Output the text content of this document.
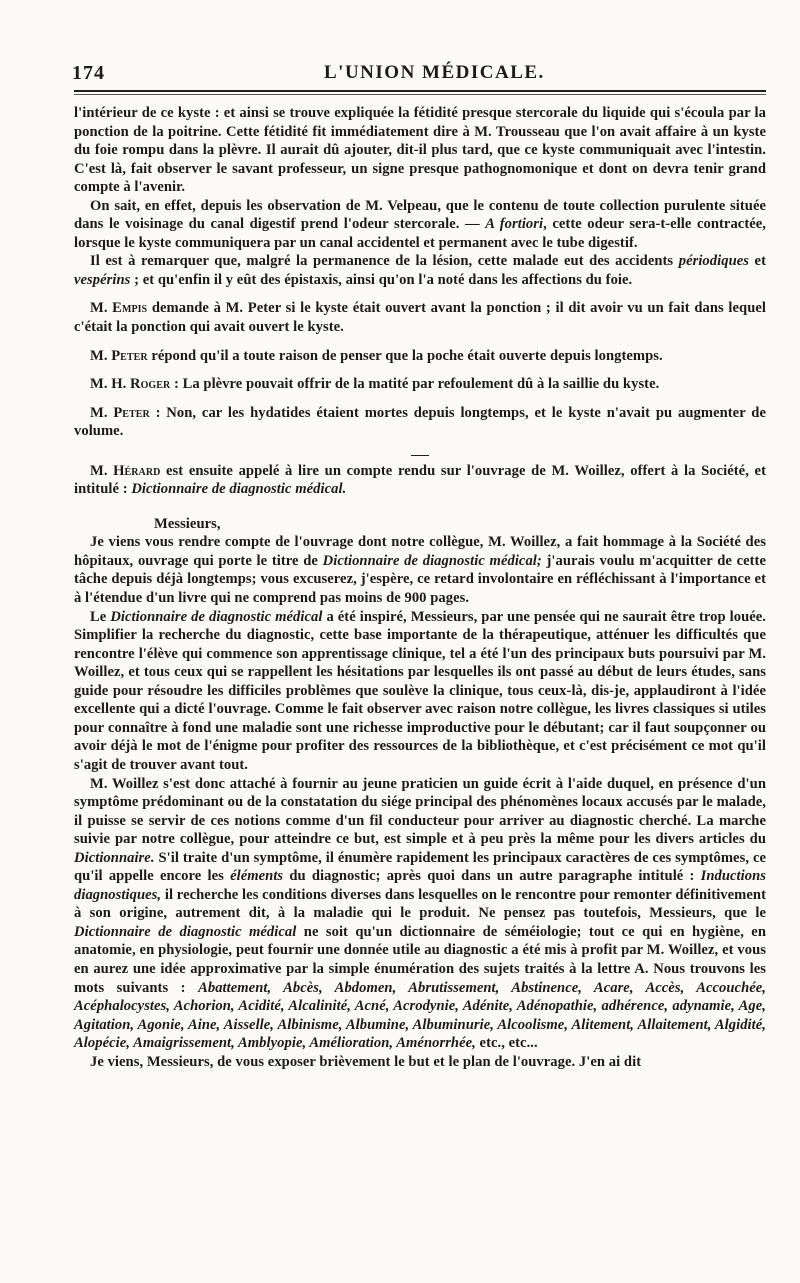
174	L'UNION MÉDICALE.

l'intérieur de ce kyste : et ainsi se trouve expliquée la fétidité presque stercorale du liquide qui s'écoula par la ponction de la poitrine. Cette fétidité fit immédiatement dire à M. Trousseau que l'on avait affaire à un kyste du foie rompu dans la plèvre. Il aurait dû ajouter, dit-il plus tard, que ce kyste communiquait avec l'intestin. C'est là, fait observer le savant professeur, un signe presque pathognomonique et dont on devra tenir grand compte à l'avenir.

On sait, en effet, depuis les observation de M. Velpeau, que le contenu de toute collection purulente située dans le voisinage du canal digestif prend l'odeur stercorale. — A fortiori, cette odeur sera-t-elle contractée, lorsque le kyste communiquera par un canal accidentel et permanent avec le tube digestif.

Il est à remarquer que, malgré la permanence de la lésion, cette malade eut des accidents périodiques et vespérins ; et qu'enfin il y eût des épistaxis, ainsi qu'on l'a noté dans les affections du foie.

M. Empis demande à M. Peter si le kyste était ouvert avant la ponction ; il dit avoir vu un fait dans lequel c'était la ponction qui avait ouvert le kyste.

M. Peter répond qu'il a toute raison de penser que la poche était ouverte depuis longtemps.

M. H. Roger : La plèvre pouvait offrir de la matité par refoulement dû à la saillie du kyste.

M. Peter : Non, car les hydatides étaient mortes depuis longtemps, et le kyste n'avait pu augmenter de volume.

M. Hérard est ensuite appelé à lire un compte rendu sur l'ouvrage de M. Woillez, offert à la Société, et intitulé : Dictionnaire de diagnostic médical.

Messieurs,

Je viens vous rendre compte de l'ouvrage dont notre collègue, M. Woillez, a fait hommage à la Société des hôpitaux, ouvrage qui porte le titre de Dictionnaire de diagnostic médical; j'aurais voulu m'acquitter de cette tâche depuis déjà longtemps; vous excuserez, j'espère, ce retard involontaire en réfléchissant à l'importance et à l'étendue d'un livre qui ne comprend pas moins de 900 pages.

Le Dictionnaire de diagnostic médical a été inspiré, Messieurs, par une pensée qui ne saurait être trop louée. Simplifier la recherche du diagnostic, cette base importante de la thérapeutique, atténuer les difficultés que rencontre l'élève qui commence son apprentissage clinique, tel a été l'un des principaux buts poursuivi par M. Woillez, et tous ceux qui se rappellent les hésitations par lesquelles ils ont passé au début de leurs études, sans guide pour résoudre les difficiles problèmes que soulève la clinique, tous ceux-là, dis-je, applaudiront à l'idée excellente qui a dicté l'ouvrage. Comme le fait observer avec raison notre collègue, les livres classiques si utiles pour connaître à fond une maladie sont une richesse improductive pour le débutant; car il faut soupçonner ou avoir déjà le mot de l'énigme pour profiter des ressources de la bibliothèque, et c'est précisément ce mot qu'il s'agit de trouver avant tout.

M. Woillez s'est donc attaché à fournir au jeune praticien un guide écrit à l'aide duquel, en présence d'un symptôme prédominant ou de la constatation du siége principal des phénomènes locaux accusés par le malade, il puisse se servir de ces notions comme d'un fil conducteur pour arriver au diagnostic cherché. La marche suivie par notre collègue, pour atteindre ce but, est simple et à peu près la même pour les divers articles du Dictionnaire. S'il traite d'un symptôme, il énumère rapidement les principaux caractères de ces symptômes, ce qu'il appelle encore les éléments du diagnostic; après quoi dans un autre paragraphe intitulé : Inductions diagnostiques, il recherche les conditions diverses dans lesquelles on le rencontre pour remonter définitivement à son origine, autrement dit, à la maladie qui le produit. Ne pensez pas toutefois, Messieurs, que le Dictionnaire de diagnostic médical ne soit qu'un dictionnaire de séméiologie; tout ce qui en hygiène, en anatomie, en physiologie, peut fournir une donnée utile au diagnostic a été mis à profit par M. Woillez, et vous en aurez une idée approximative par la simple énumération des sujets traités à la lettre A. Nous trouvons les mots suivants : Abattement, Abcès, Abdomen, Abrutissement, Abstinence, Acare, Accès, Accouchée, Acéphalocystes, Achorion, Acidité, Alcalinité, Acné, Acrodynie, Adénite, Adénopathie, adhérence, adynamie, Age, Agitation, Agonie, Aine, Aisselle, Albinisme, Albumine, Albuminurie, Alcoolisme, Alitement, Allaitement, Algidité, Alopécie, Amaigrissement, Amblyopie, Amélioration, Aménorrhée, etc., etc...

Je viens, Messieurs, de vous exposer brièvement le but et le plan de l'ouvrage. J'en ai dit
